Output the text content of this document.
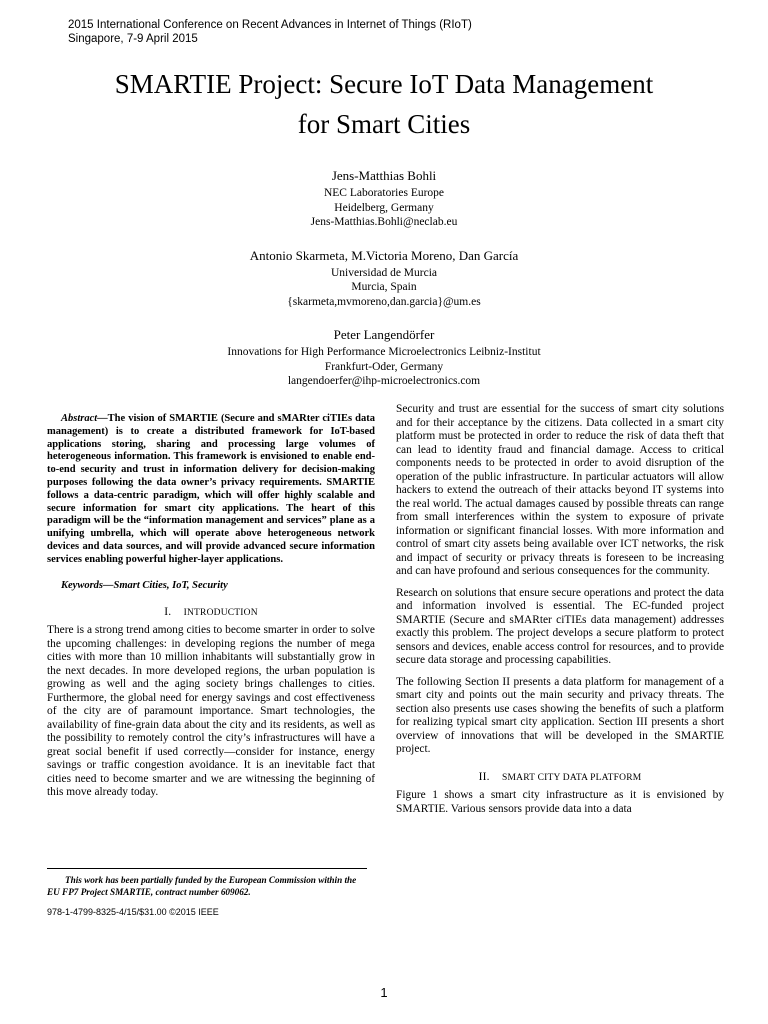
2015 International Conference on Recent Advances in Internet of Things (RIoT)
Singapore, 7-9 April 2015
SMARTIE Project: Secure IoT Data Management
for Smart Cities
Jens-Matthias Bohli
NEC Laboratories Europe
Heidelberg, Germany
Jens-Matthias.Bohli@neclab.eu
Antonio Skarmeta, M.Victoria Moreno, Dan García
Universidad de Murcia
Murcia, Spain
{skarmeta,mvmoreno,dan.garcia}@um.es
Peter Langendörfer
Innovations for High Performance Microelectronics Leibniz-Institut
Frankfurt-Oder, Germany
langendoerfer@ihp-microelectronics.com

Abstract—The vision of SMARTIE (Secure and sMARter ciTIEs data management) is to create a distributed framework for IoT-based applications storing, sharing and processing large volumes of heterogeneous information. This framework is envisioned to enable end-to-end security and trust in information delivery for decision-making purposes following the data owner’s privacy requirements. SMARTIE follows a data-centric paradigm, which will offer highly scalable and secure information for smart city applications. The heart of this paradigm will be the “information management and services” plane as a unifying umbrella, which will operate above heterogeneous network devices and data sources, and will provide advanced secure information services enabling powerful higher-layer applications.

Keywords—Smart Cities, IoT, Security

I. INTRODUCTION

There is a strong trend among cities to become smarter in order to solve the upcoming challenges: in developing regions the number of mega cities with more than 10 million inhabitants will substantially grow in the next decades. In more developed regions, the urban population is growing as well and the aging society brings challenges to cities. Furthermore, the global need for energy savings and cost effectiveness of the city are of paramount importance. Smart technologies, the availability of fine-grain data about the city and its residents, as well as the possibility to remotely control the city’s infrastructures will have a great social benefit if used correctly—consider for instance, energy savings or traffic congestion avoidance. It is an inevitable fact that cities need to become smarter and we are witnessing the beginning of this move already today.

Security and trust are essential for the success of smart city solutions and for their acceptance by the citizens. Data collected in a smart city platform must be protected in order to reduce the risk of data theft that can lead to identity fraud and financial damage. Access to critical components needs to be protected in order to avoid disruption of the operation of the public infrastructure. In particular actuators will allow hackers to extend the outreach of their attacks beyond IT systems into the real world. The actual damages caused by possible threats can range from small interferences within the system to exposure of private information or significant financial losses. With more information and control of smart city assets being available over ICT networks, the risk and impact of security or privacy threats is foreseen to be increasing and can have profound and serious consequences for the community.

Research on solutions that ensure secure operations and protect the data and information involved is essential. The EC-funded project SMARTIE (Secure and sMARter ciTIEs data management) addresses exactly this problem. The project develops a secure platform to protect sensors and devices, enable access control for resources, and to provide secure data storage and processing capabilities.

The following Section II presents a data platform for management of a smart city and points out the main security and privacy threats. The section also presents use cases showing the benefits of such a platform for realizing typical smart city application. Section III presents a short overview of innovations that will be developed in the SMARTIE project.

II. SMART CITY DATA PLATFORM

Figure 1 shows a smart city infrastructure as it is envisioned by SMARTIE. Various sensors provide data into a data

This work has been partially funded by the European Commission within the EU FP7 Project SMARTIE, contract number 609062.
978-1-4799-8325-4/15/$31.00 ©2015 IEEE
1
